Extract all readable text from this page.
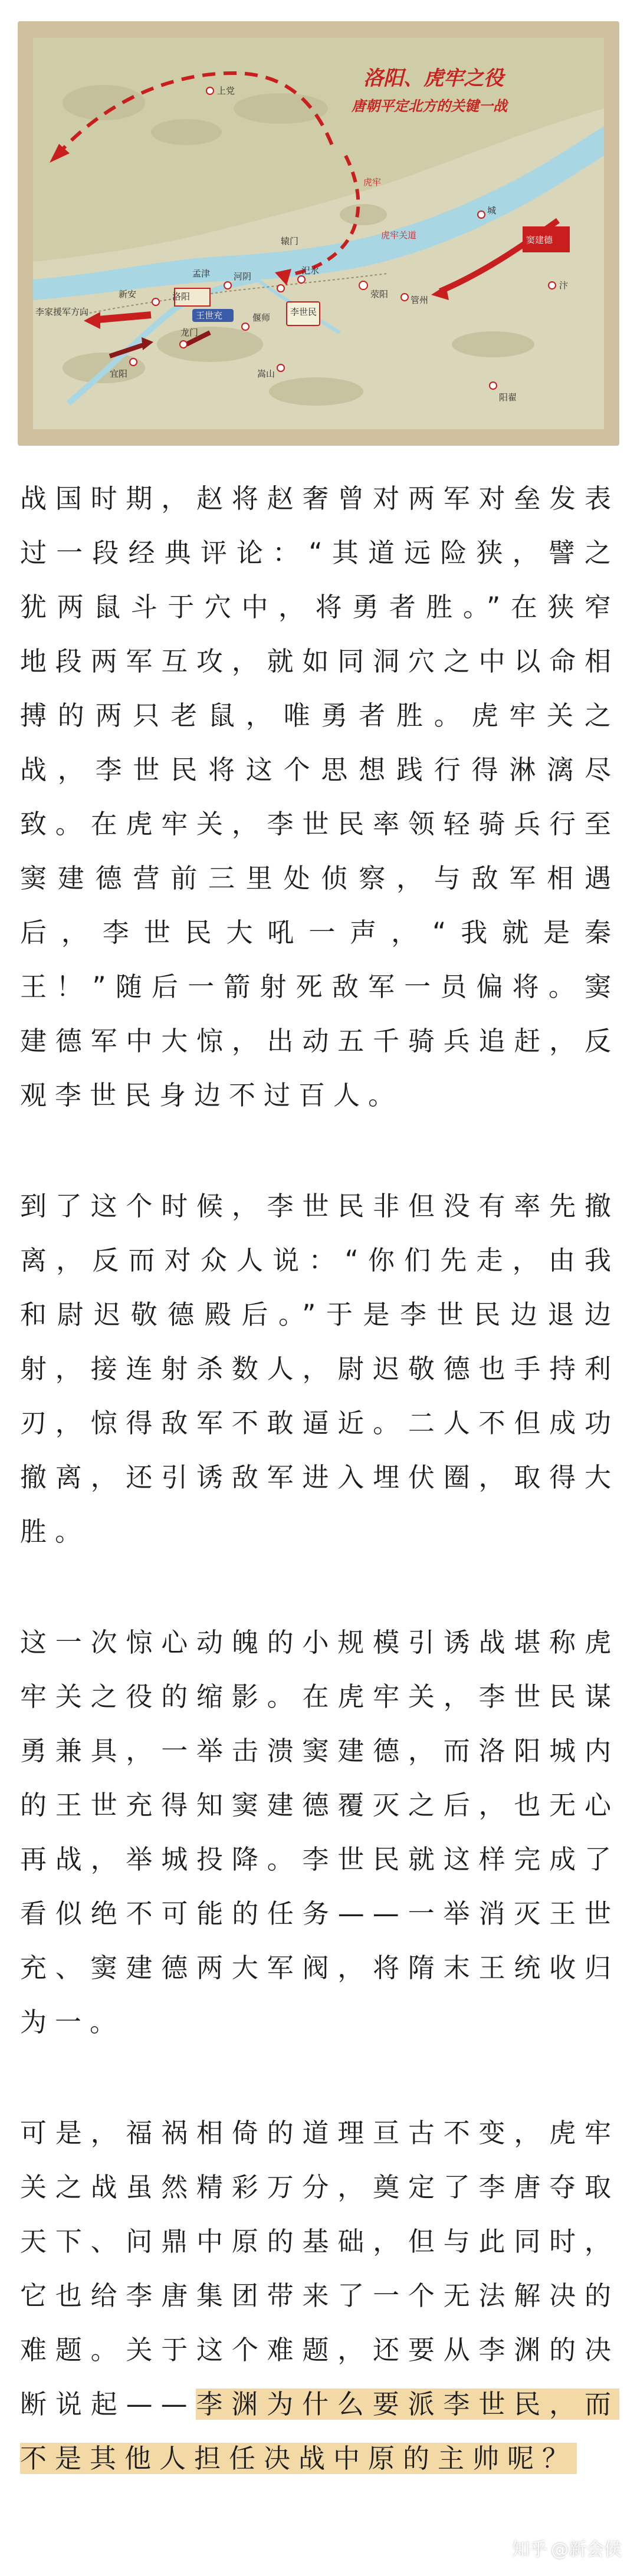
洛阳、虎牢之役
唐朝平定北方的关键一战
上党
孟津	河阴
新安	洛阳
王世充	偃师
李世民
汜水
荥阳
管州
城
汴
窦建德
虎牢
李家援军方向
宜阳
龙门
嵩山
阳翟
辕门
虎牢关道

战国时期，赵将赵奢曾对两军对垒发表过一段经典评论：“其道远险狭，譬之犹两鼠斗于穴中，将勇者胜。”在狭窄地段两军互攻，就如同洞穴之中以命相搏的两只老鼠，唯勇者胜。虎牢关之战，李世民将这个思想践行得淋漓尽致。在虎牢关，李世民率领轻骑兵行至窦建德营前三里处侦察，与敌军相遇后，李世民大吼一声，“我就是秦王！”随后一箭射死敌军一员偏将。窦建德军中大惊，出动五千骑兵追赶，反观李世民身边不过百人。

到了这个时候，李世民非但没有率先撤离，反而对众人说：“你们先走，由我和尉迟敬德殿后。”于是李世民边退边射，接连射杀数人，尉迟敬德也手持利刃，惊得敌军不敢逼近。二人不但成功撤离，还引诱敌军进入埋伏圈，取得大胜。

这一次惊心动魄的小规模引诱战堪称虎牢关之役的缩影。在虎牢关，李世民谋勇兼具，一举击溃窦建德，而洛阳城内的王世充得知窦建德覆灭之后，也无心再战，举城投降。李世民就这样完成了看似绝不可能的任务——一举消灭王世充、窦建德两大军阀，将隋末王统收归为一。

可是，福祸相倚的道理亘古不变，虎牢关之战虽然精彩万分，奠定了李唐夺取天下、问鼎中原的基础，但与此同时，它也给李唐集团带来了一个无法解决的难题。关于这个难题，还要从李渊的决断说起——李渊为什么要派李世民，而不是其他人担任决战中原的主帅呢？

知乎 @新会侯
